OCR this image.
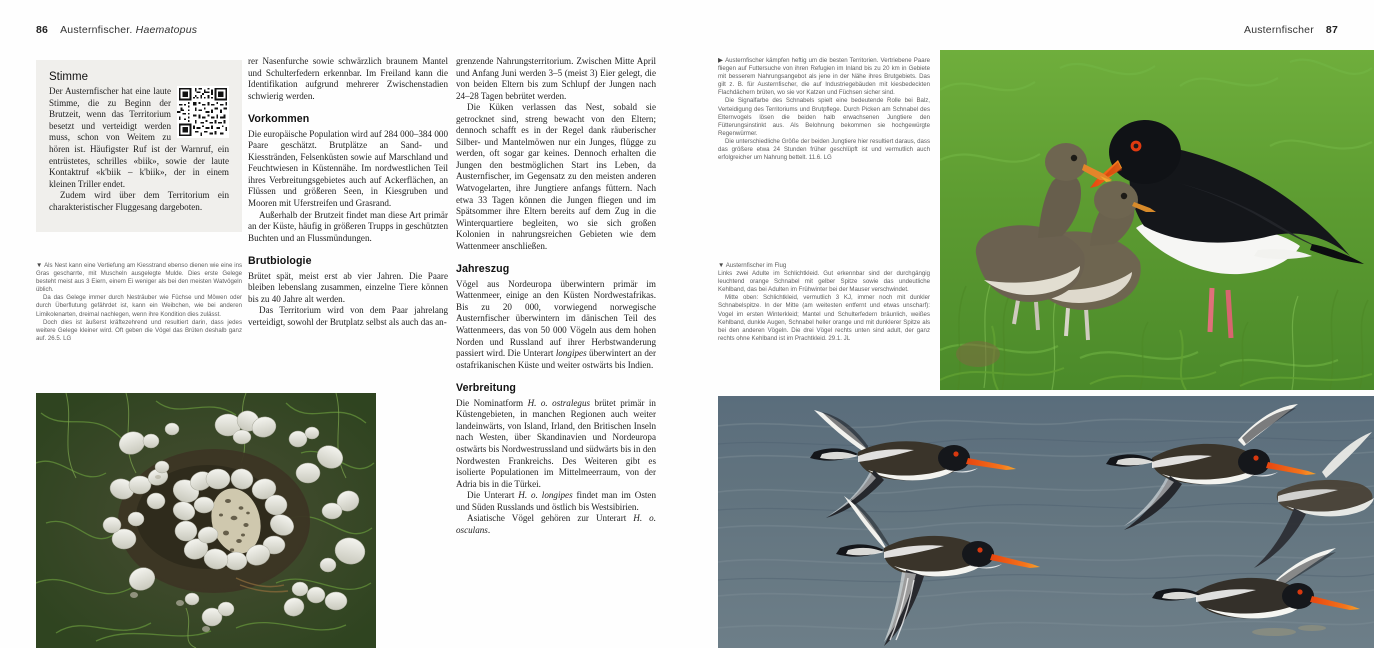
86 Austernfischer. Haematopus	Austernfischer 87
Stimme

Der Austernfischer hat eine laute Stimme, die zu Beginn der Brutzeit, wenn das Territorium besetzt und verteidigt werden muss, schon von Weitem zu hören ist. Häufigster Ruf ist der Warnruf, ein entrüstetes, schrilles «biik», sowie der laute Kontaktruf «k'biik – k'biik», der in einem kleinen Triller endet.

Zudem wird über dem Territorium ein charakteristischer Fluggesang dargeboten.

▼ Als Nest kann eine Vertiefung am Kiesstrand ebenso dienen wie eine ins Gras gescharrte, mit Muscheln ausgelegte Mulde. Dies erste Gelege besteht meist aus 3 Eiern, einem Ei weniger als bei den meisten Watvögeln üblich.

Da das Gelege immer durch Nesträuber wie Füchse und Möwen oder durch Überflutung gefährdet ist, kann ein Weibchen, wie bei anderen Limikolenarten, dreimal nachlegen, wenn ihre Kondition dies zulässt.

Doch dies ist äußerst kräftezehrend und resultiert darin, dass jedes weitere Gelege kleiner wird. Oft geben die Vögel das Brüten deshalb ganz auf. 26.5. LG

rer Nasenfurche sowie schwärzlich braunem Mantel und Schulterfedern erkennbar. Im Freiland kann die Identifikation aufgrund mehrerer Zwischenstadien schwierig werden.

Vorkommen

Die europäische Population wird auf 284 000–384 000 Paare geschätzt. Brutplätze an Sand- und Kiesstränden, Felsenküsten sowie auf Marschland und Feuchtwiesen in Küstennähe. Im nordwestlichen Teil ihres Verbreitungsgebietes auch auf Ackerflächen, an Flüssen und größeren Seen, in Kiesgruben und Mooren mit Uferstreifen und Grasrand.

Außerhalb der Brutzeit findet man diese Art primär an der Küste, häufig in größeren Trupps in geschützten Buchten und an Flussmündungen.

Brutbiologie

Brütet spät, meist erst ab vier Jahren. Die Paare bleiben lebenslang zusammen, einzelne Tiere können bis zu 40 Jahre alt werden.

Das Territorium wird von dem Paar jahrelang verteidigt, sowohl der Brutplatz selbst als auch das an-

grenzende Nahrungsterritorium. Zwischen Mitte April und Anfang Juni werden 3–5 (meist 3) Eier gelegt, die von beiden Eltern bis zum Schlupf der Jungen nach 24–28 Tagen bebrütet werden.

Die Küken verlassen das Nest, sobald sie getrocknet sind, streng bewacht von den Eltern; dennoch schafft es in der Regel dank räuberischer Silber- und Mantelmöwen nur ein Junges, flügge zu werden, oft sogar gar keines. Dennoch erhalten die Jungen den bestmöglichen Start ins Leben, da Austernfischer, im Gegensatz zu den meisten anderen Watvogelarten, ihre Jungtiere anfangs füttern. Nach etwa 33 Tagen können die Jungen fliegen und im Spätsommer ihre Eltern bereits auf dem Zug in die Winterquartiere begleiten, wo sie sich großen Kolonien in nahrungsreichen Gebieten wie dem Wattenmeer anschließen.

Jahreszug

Vögel aus Nordeuropa überwintern primär im Wattenmeer, einige an den Küsten Nordwestafrikas. Bis zu 20 000, vorwiegend norwegische Austernfischer überwintern im dänischen Teil des Wattenmeers, das von 50 000 Vögeln aus dem hohen Norden und Russland auf ihrer Herbstwanderung passiert wird. Die Unterart longipes überwintert an der ostafrikanischen Küste und weiter ostwärts bis Indien.

Verbreitung

Die Nominatform H. o. ostralegus brütet primär in Küstengebieten, in manchen Regionen auch weiter landeinwärts, von Island, Irland, den Britischen Inseln nach Westen, über Skandinavien und Nordeuropa ostwärts bis Nordwestrussland und südwärts bis in den Nordwesten Frankreichs. Des Weiteren gibt es isolierte Populationen im Mittelmeerraum, von der Adria bis in die Türkei.

Die Unterart H. o. longipes findet man im Osten und Süden Russlands und östlich bis Westsibirien.

Asiatische Vögel gehören zur Unterart H. o. osculans.

▶ Austernfischer kämpfen heftig um die besten Territorien. Vertriebene Paare fliegen auf Futtersuche von ihren Refugien im Inland bis zu 20 km in Gebiete mit besserem Nahrungsangebot als jene in der Nähe ihres Brutgebiets. Das gilt z. B. für Austernfischer, die auf Industriegebäuden mit kiesbedeckten Flachdächern brüten, wo sie vor Katzen und Füchsen sicher sind.

Die Signalfarbe des Schnabels spielt eine bedeutende Rolle bei Balz, Verteidigung des Territoriums und Brutpflege. Durch Picken am Schnabel des Elternvogels lösen die beiden halb erwachsenen Jungtiere den Fütterungsinstinkt aus. Als Belohnung bekommen sie hochgewürgte Regenwürmer.

Die unterschiedliche Größe der beiden Jungtiere hier resultiert daraus, dass das größere etwa 24 Stunden früher geschlüpft ist und vermutlich auch erfolgreicher um Nahrung bettelt. 11.6. LG

▼ Austernfischer im Flug

Links zwei Adulte im Schlichtkleid. Gut erkennbar sind der durchgängig leuchtend orange Schnabel mit gelber Spitze sowie das undeutliche Kehlband, das bei Adulten im Frühwinter bei der Mauser verschwindet.

Mitte oben: Schlichtkleid, vermutlich 3 KJ, immer noch mit dunkler Schnabelspitze. In der Mitte (am weitesten entfernt und etwas unscharf): Vogel im ersten Winterkleid; Mantel und Schulterfedern bräunlich, weißes Kehlband, dunkle Augen, Schnabel heller orange und mit dunklerer Spitze als bei den anderen Vögeln. Die drei Vögel rechts unten sind adult, der ganz rechts ohne Kehlband ist im Prachtkleid. 29.1. JL
